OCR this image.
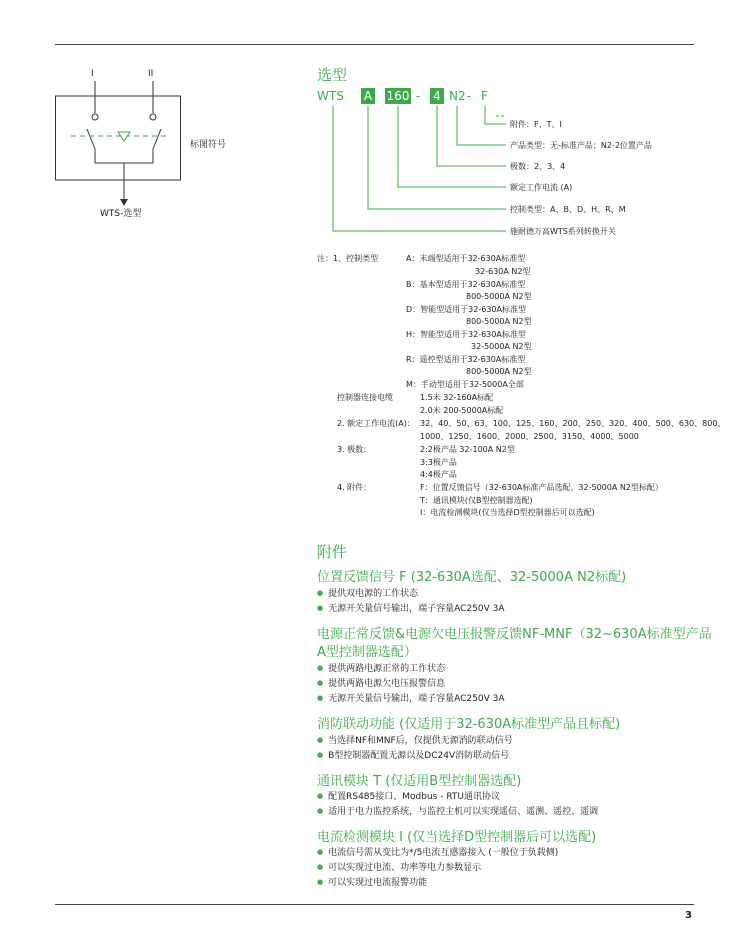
I	II
标图符号
WTS-选型
选型
WTS A 160 - 4 N2 - F
附件：F、T、I
产品类型：无-标准产品；N2-2位置产品
极数：2、3、4
额定工作电流 (A)
控制类型：A、B、D、H、R、M
施耐德万高WTS系列转换开关
注：1、控制类型	A：末端型适用于32-630A标准型
32-630A N2型
B：基本型适用于32-630A标准型
800-5000A N2型
D：智能型适用于32-630A标准型
800-5000A N2型
H：智能型适用于32-630A标准型
32-5000A N2型
R：遥控型适用于32-630A标准型
800-5000A N2型
M：手动型适用于32-5000A全部
控制器连接电缆	1.5米 32-160A标配
2.0米 200-5000A标配
2. 额定工作电流(A)： 32、40、50、63、100、125、160、200、250、320、400、500、630、800、
1000、1250、1600、2000、2500、3150、4000、5000
3. 极数：	2:2极产品 32-100A N2型
3:3极产品
4:4极产品
4. 附件：	F：位置反馈信号（32-630A标准产品选配、32-5000A N2型标配）
T：通讯模块(仅B型控制器选配)
I：电流检测模块(仅当选择D型控制器后可以选配)
附件
位置反馈信号 F (32-630A选配、32-5000A N2标配)
● 提供双电源的工作状态
● 无源开关量信号输出，端子容量AC250V 3A
电源正常反馈&电源欠电压报警反馈NF-MNF（32~630A标准型产品
A型控制器选配）
● 提供两路电源正常的工作状态
● 提供两路电源欠电压报警信息
● 无源开关量信号输出，端子容量AC250V 3A
消防联动功能 (仅适用于32-630A标准型产品且标配)
● 当选择NF和MNF后，仅提供无源消防联动信号
● B型控制器配置无源以及DC24V消防联动信号
通讯模块 T (仅适用B型控制器选配)
● 配置RS485接口、Modbus - RTU通讯协议
● 适用于电力监控系统，与监控主机可以实现遥信、遥测、遥控、遥调
电流检测模块 I (仅当选择D型控制器后可以选配)
● 电流信号需从变比为*/5电流互感器接入 (一般位于负载侧)
● 可以实现过电流、功率等电力参数显示
● 可以实现过电流报警功能
3
